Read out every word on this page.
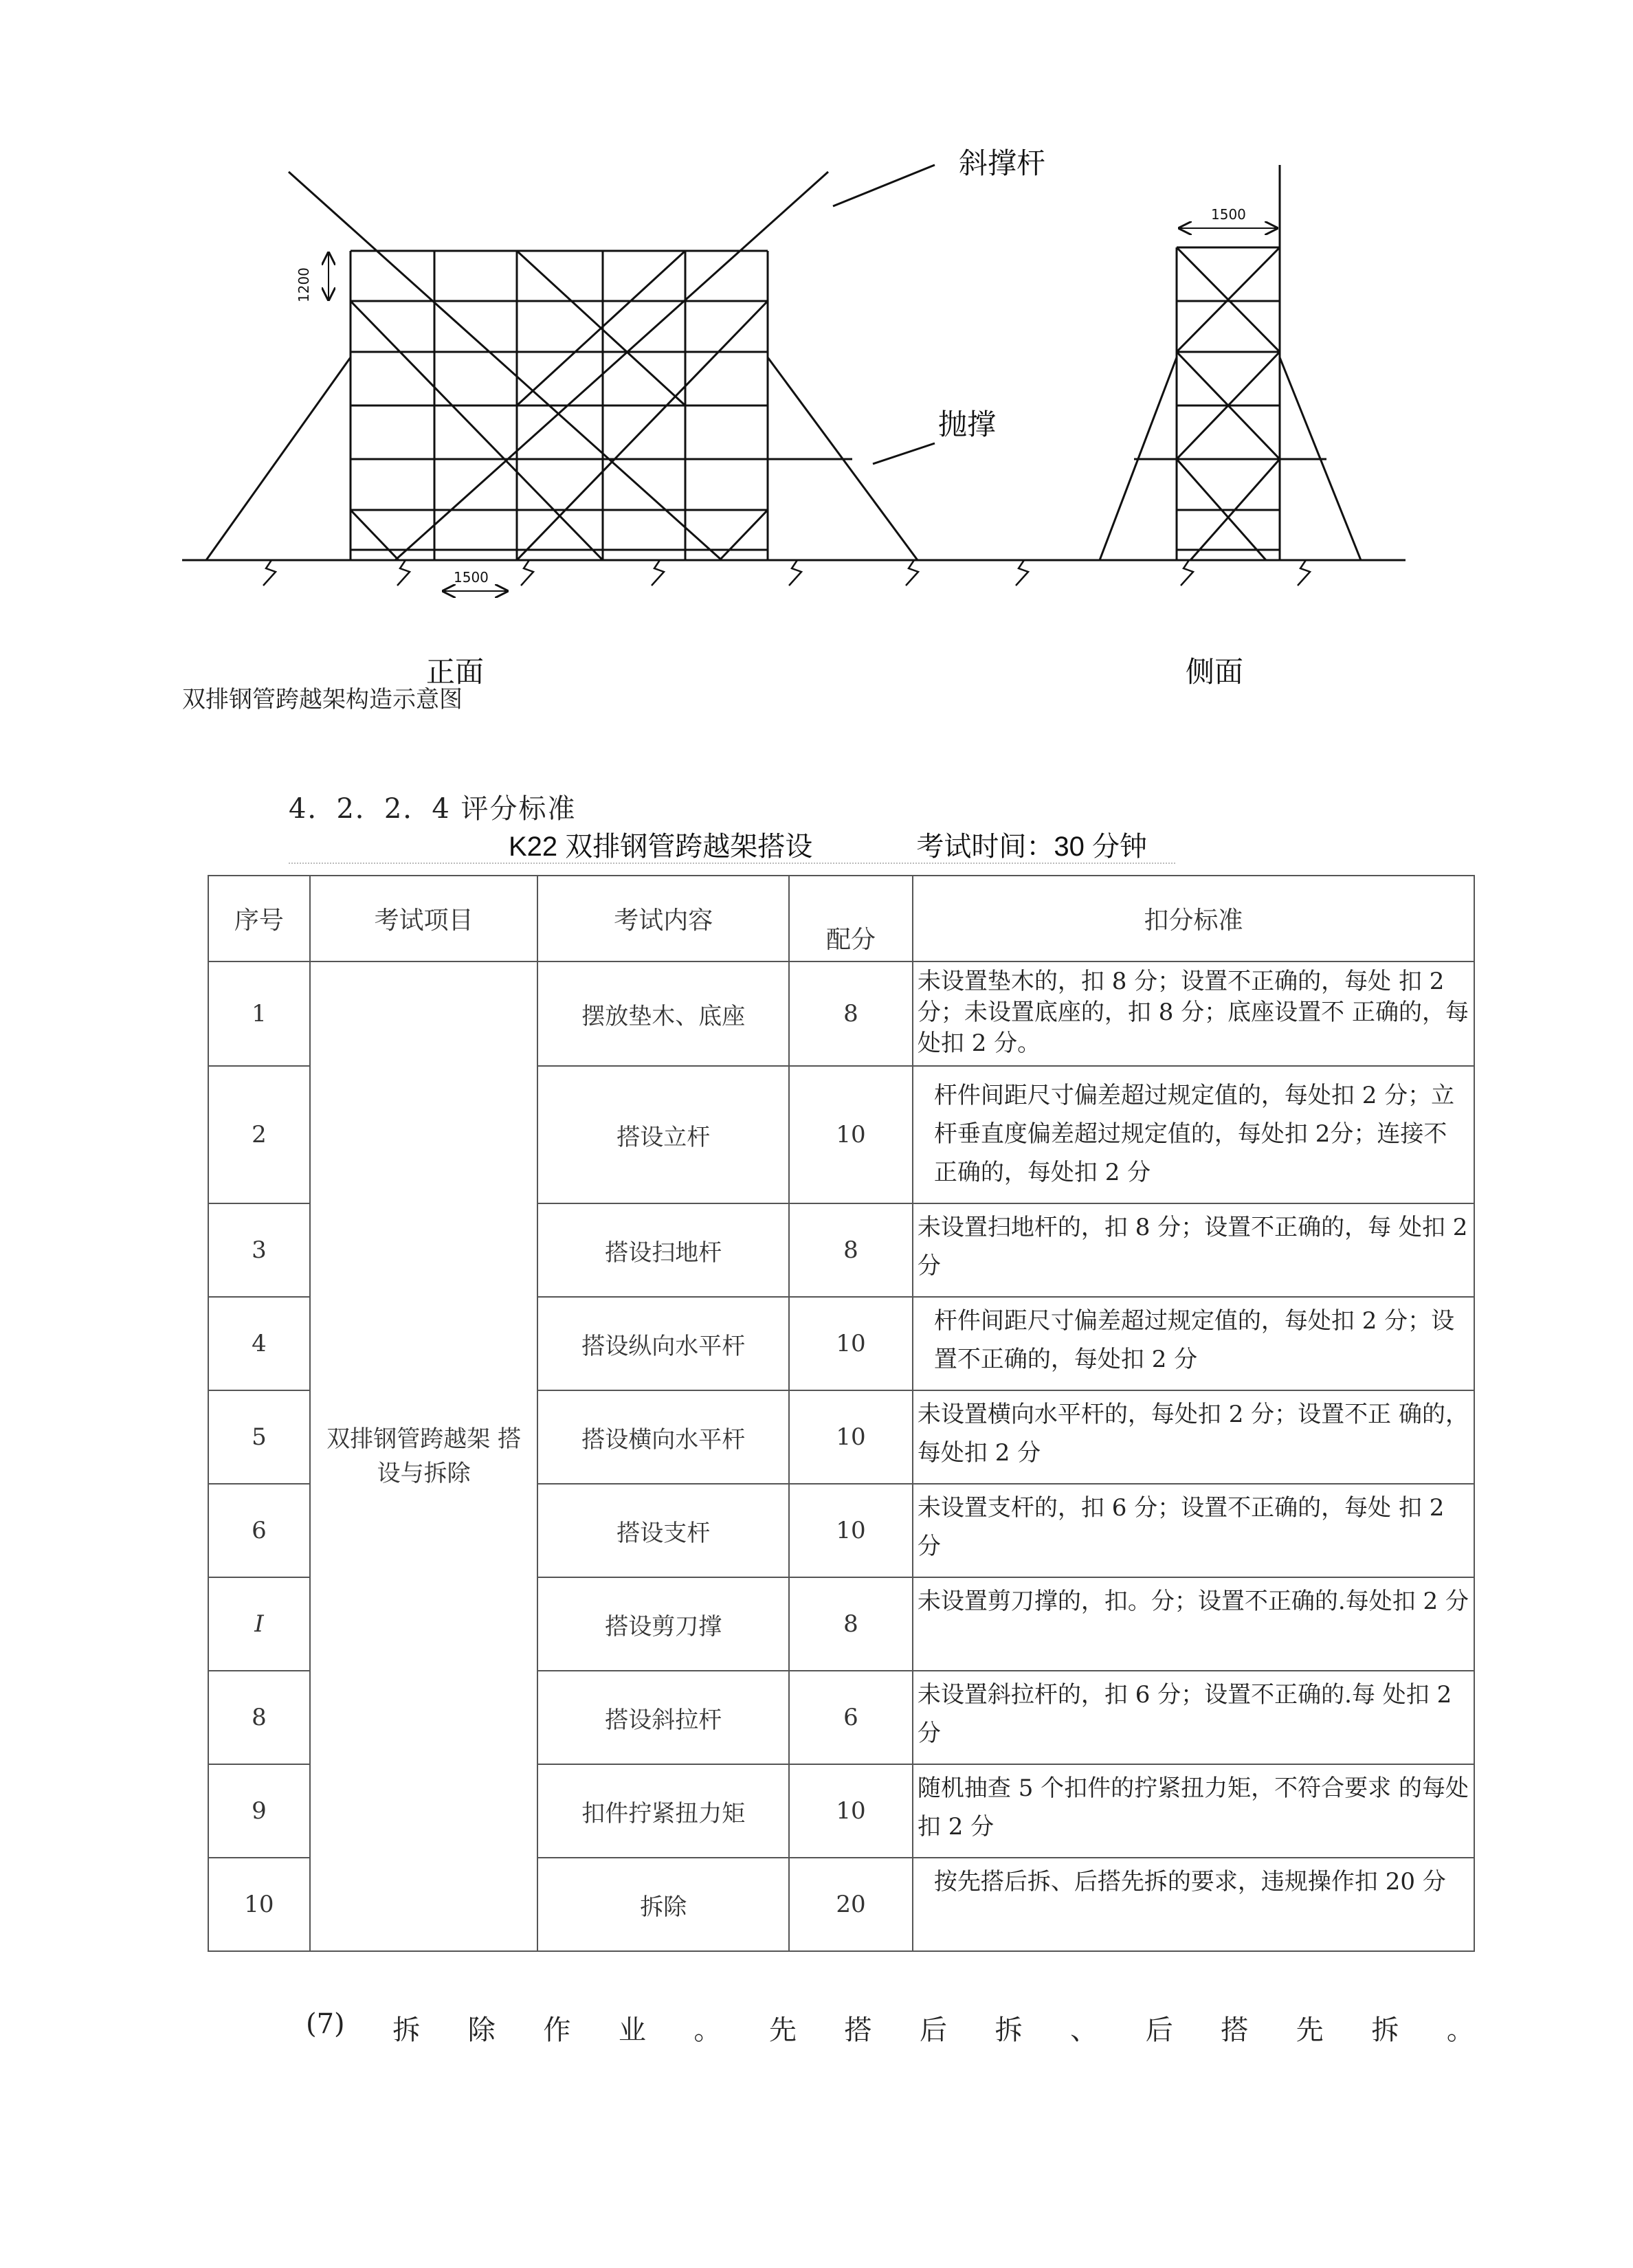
斜撑杆
抛撑
1200
1500
1500
正面	侧面
双排钢管跨越架构造示意图
4．2．2．4 评分标准
K22 双排钢管跨越架搭设	考试时间：30 分钟
序号	考试项目	考试内容	配分	扣分标准
1	双排钢管跨越架 搭设与拆除	摆放垫木、底座	8	未设置垫木的，扣 8 分；设置不正确的，每处 扣 2 分；未设置底座的，扣 8 分；底座设置不 正确的，每处扣 2 分。
2		搭设立杆	10	杆件间距尺寸偏差超过规定值的，每处扣 2 分；立杆垂直度偏差超过规定值的，每处扣 2分；连接不正确的，每处扣 2 分
3		搭设扫地杆	8	未设置扫地杆的，扣 8 分；设置不正确的，每 处扣 2 分
4		搭设纵向水平杆	10	杆件间距尺寸偏差超过规定值的，每处扣 2 分；设置不正确的，每处扣 2 分
5		搭设横向水平杆	10	未设置横向水平杆的，每处扣 2 分；设置不正 确的，每处扣 2 分
6		搭设支杆	10	未设置支杆的，扣 6 分；设置不正确的，每处 扣 2 分
I		搭设剪刀撑	8	未设置剪刀撑的，扣。分；设置不正确的.每处扣 2 分
8		搭设斜拉杆	6	未设置斜拉杆的，扣 6 分；设置不正确的.每 处扣 2 分
9		扣件拧紧扭力矩	10	随机抽查 5 个扣件的拧紧扭力矩，不符合要求 的每处扣 2 分
10		拆除	20	按先搭后拆、后搭先拆的要求，违规操作扣 20 分
(7) 拆 除 作 业 。 先 搭 后 拆 、 后 搭 先 拆 。
